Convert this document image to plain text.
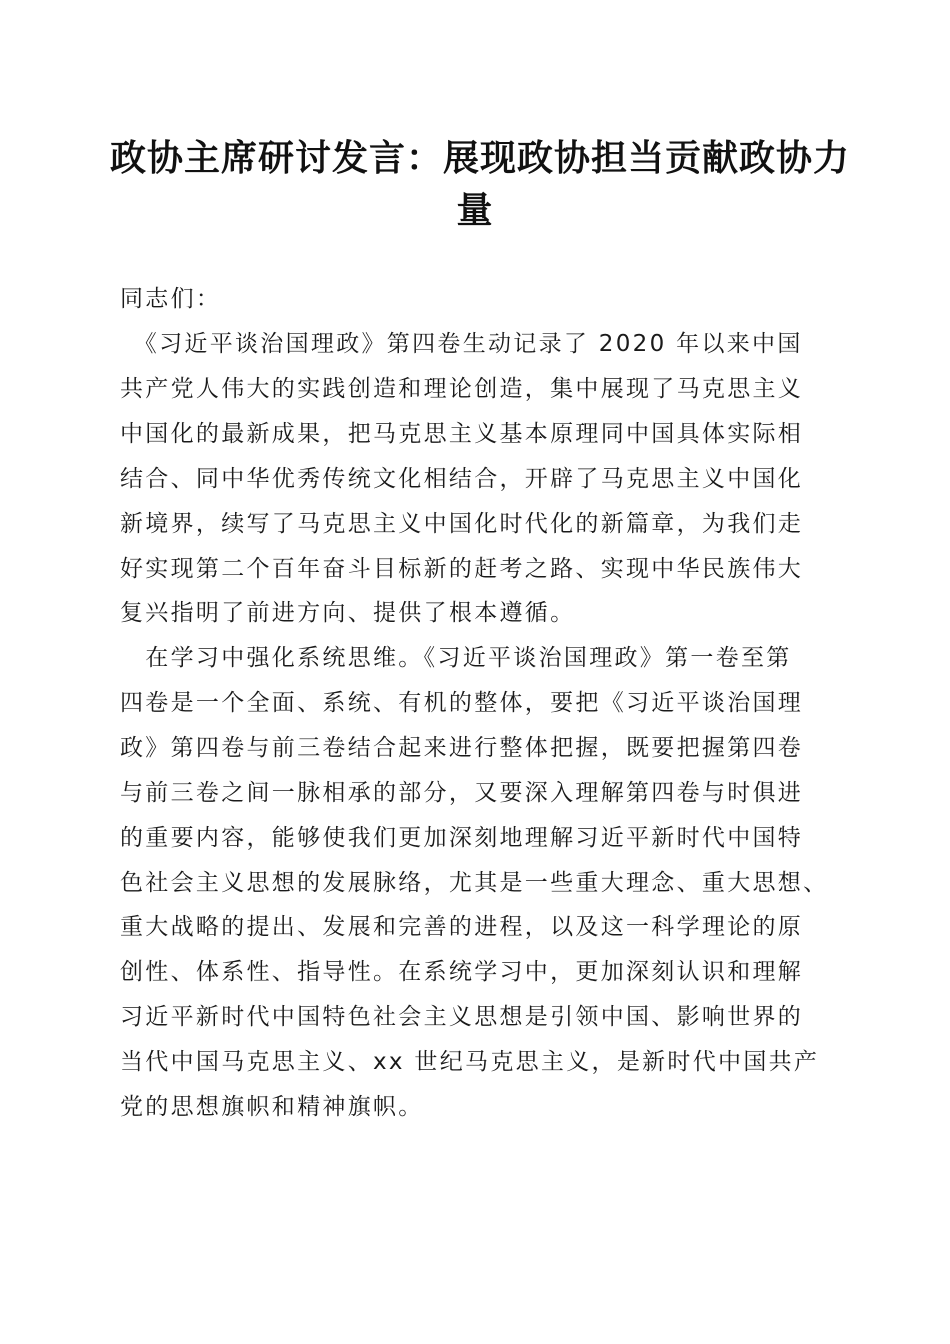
政协主席研讨发言：展现政协担当贡献政协力
量

同志们：

　《习近平谈治国理政》第四卷生动记录了 2020 年以来中国
共产党人伟大的实践创造和理论创造，集中展现了马克思主义
中国化的最新成果，把马克思主义基本原理同中国具体实际相
结合、同中华优秀传统文化相结合，开辟了马克思主义中国化
新境界，续写了马克思主义中国化时代化的新篇章，为我们走
好实现第二个百年奋斗目标新的赶考之路、实现中华民族伟大
复兴指明了前进方向、提供了根本遵循。
　在学习中强化系统思维。《习近平谈治国理政》第一卷至第
四卷是一个全面、系统、有机的整体，要把《习近平谈治国理
政》第四卷与前三卷结合起来进行整体把握，既要把握第四卷
与前三卷之间一脉相承的部分，又要深入理解第四卷与时俱进
的重要内容，能够使我们更加深刻地理解习近平新时代中国特
色社会主义思想的发展脉络，尤其是一些重大理念、重大思想、
重大战略的提出、发展和完善的进程，以及这一科学理论的原
创性、体系性、指导性。在系统学习中，更加深刻认识和理解
习近平新时代中国特色社会主义思想是引领中国、影响世界的
当代中国马克思主义、xx 世纪马克思主义，是新时代中国共产
党的思想旗帜和精神旗帜。
